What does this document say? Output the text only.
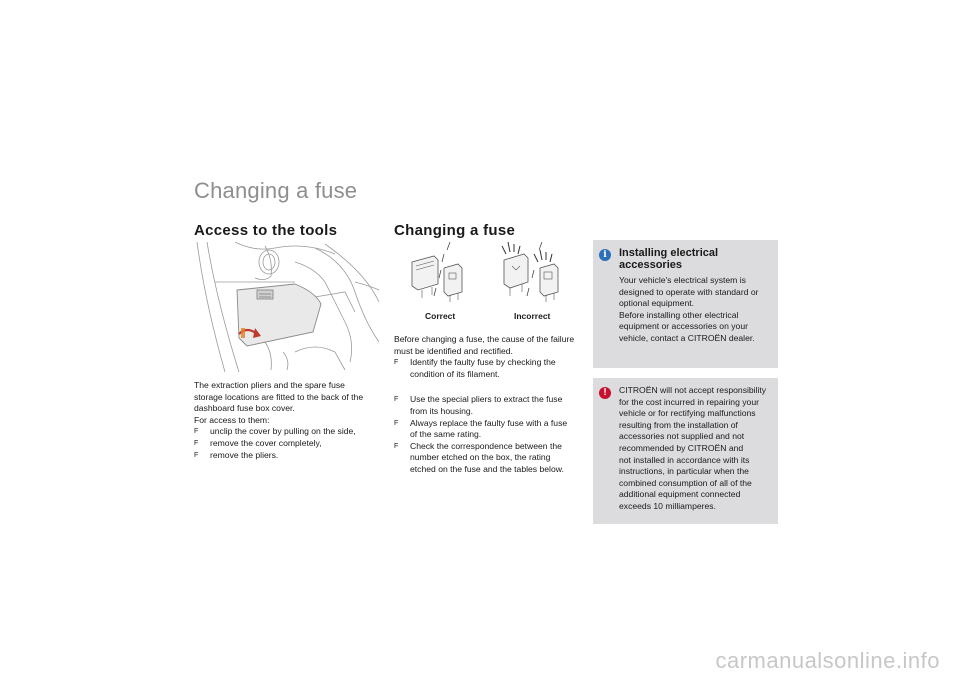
Changing a fuse
Access to the tools
The extraction pliers and the spare fuse
storage locations are fitted to the back of the
dashboard fuse box cover.
For access to them:
F unclip the cover by pulling on the side,
F remove the cover completely,
F remove the pliers.
Changing a fuse
Correct	Incorrect
Before changing a fuse, the cause of the failure
must be identified and rectified.
F Identify the faulty fuse by checking the
condition of its filament.
F Use the special pliers to extract the fuse
from its housing.
F Always replace the faulty fuse with a fuse
of the same rating.
F Check the correspondence between the
number etched on the box, the rating
etched on the fuse and the tables below.
i	Installing electrical
accessories
Your vehicle's electrical system is
designed to operate with standard or
optional equipment.
Before installing other electrical
equipment or accessories on your
vehicle, contact a CITROËN dealer.
!	CITROËN will not accept responsibility
for the cost incurred in repairing your
vehicle or for rectifying malfunctions
resulting from the installation of
accessories not supplied and not
recommended by CITROËN and
not installed in accordance with its
instructions, in particular when the
combined consumption of all of the
additional equipment connected
exceeds 10 milliamperes.
carmanualsonline.info
